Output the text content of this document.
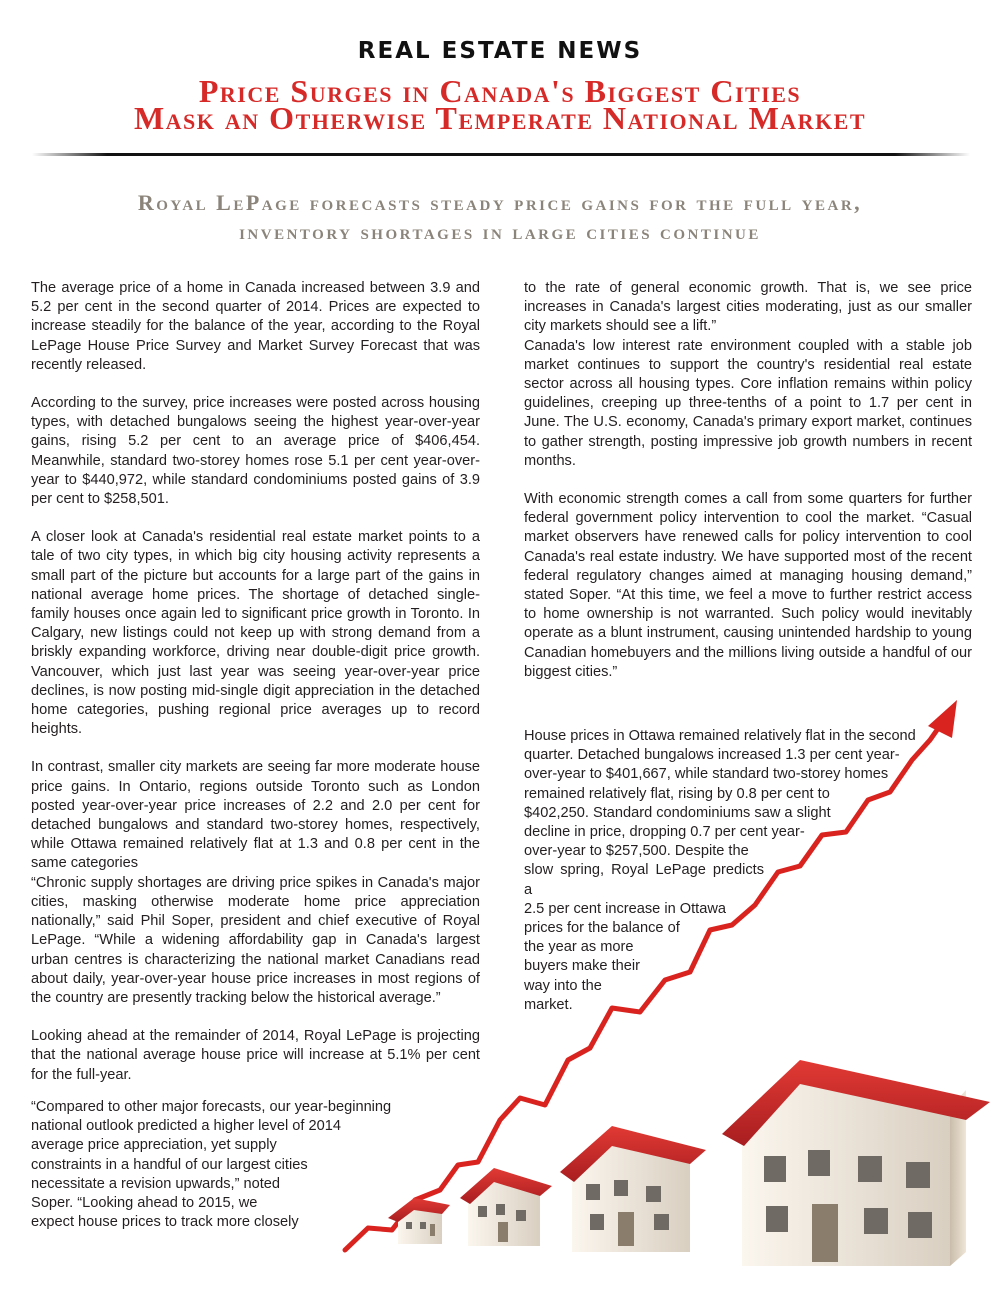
REAL ESTATE NEWS
Price Surges in Canada's Biggest Cities
Mask an Otherwise Temperate National Market
Royal LePage forecasts steady price gains for the full year,
inventory shortages in large cities continue

The average price of a home in Canada increased between 3.9 and 5.2 per cent in the second quarter of 2014. Prices are expected to increase steadily for the balance of the year, according to the Royal LePage House Price Survey and Market Survey Forecast that was recently released.

According to the survey, price increases were posted across housing types, with detached bungalows seeing the highest year-over-year gains, rising 5.2 per cent to an average price of $406,454. Meanwhile, standard two-storey homes rose 5.1 per cent year-over-year to $440,972, while standard condominiums posted gains of 3.9 per cent to $258,501.

A closer look at Canada's residential real estate market points to a tale of two city types, in which big city housing activity represents a small part of the picture but accounts for a large part of the gains in national average home prices. The shortage of detached single-family houses once again led to significant price growth in Toronto. In Calgary, new listings could not keep up with strong demand from a briskly expanding workforce, driving near double-digit price growth. Vancouver, which just last year was seeing year-over-year price declines, is now posting mid-single digit appreciation in the detached home categories, pushing regional price averages up to record heights.

In contrast, smaller city markets are seeing far more moderate house price gains. In Ontario, regions outside Toronto such as London posted year-over-year price increases of 2.2 and 2.0 per cent for detached bungalows and standard two-storey homes, respectively, while Ottawa remained relatively flat at 1.3 and 0.8 per cent in the same categories

“Chronic supply shortages are driving price spikes in Canada's major cities, masking otherwise moderate home price appreciation nationally,” said Phil Soper, president and chief executive of Royal LePage. “While a widening affordability gap in Canada's largest urban centres is characterizing the national market Canadians read about daily, year-over-year house price increases in most regions of the country are presently tracking below the historical average.”

Looking ahead at the remainder of 2014, Royal LePage is projecting that the national average house price will increase at 5.1% per cent for the full-year.

“Compared to other major forecasts, our year-beginning
national outlook predicted a higher level of 2014
average price appreciation, yet supply
constraints in a handful of our largest cities
necessitate a revision upwards,” noted
Soper. “Looking ahead to 2015, we
expect house prices to track more closely

to the rate of general economic growth. That is, we see price increases in Canada's largest cities moderating, just as our smaller city markets should see a lift.”

Canada's low interest rate environment coupled with a stable job market continues to support the country's residential real estate sector across all housing types. Core inflation remains within policy guidelines, creeping up three-tenths of a point to 1.7 per cent in June. The U.S. economy, Canada's primary export market, continues to gather strength, posting impressive job growth numbers in recent months.

With economic strength comes a call from some quarters for further federal government policy intervention to cool the market. “Casual market observers have renewed calls for policy intervention to cool Canada's real estate industry. We have supported most of the recent federal regulatory changes aimed at managing housing demand,” stated Soper. “At this time, we feel a move to further restrict access to home ownership is not warranted. Such policy would inevitably operate as a blunt instrument, causing unintended hardship to young Canadian homebuyers and the millions living outside a handful of our biggest cities.”

House prices in Ottawa remained relatively flat in the second
quarter. Detached bungalows increased 1.3 per cent year-
over-year to $401,667, while standard two-storey homes
remained relatively flat, rising by 0.8 per cent to
$402,250. Standard condominiums saw a slight
decline in price, dropping 0.7 per cent year-
over-year to $257,500. Despite the
slow spring, Royal LePage predicts a
2.5 per cent increase in Ottawa
prices for the balance of
the year as more
buyers make their
way into the
market.
